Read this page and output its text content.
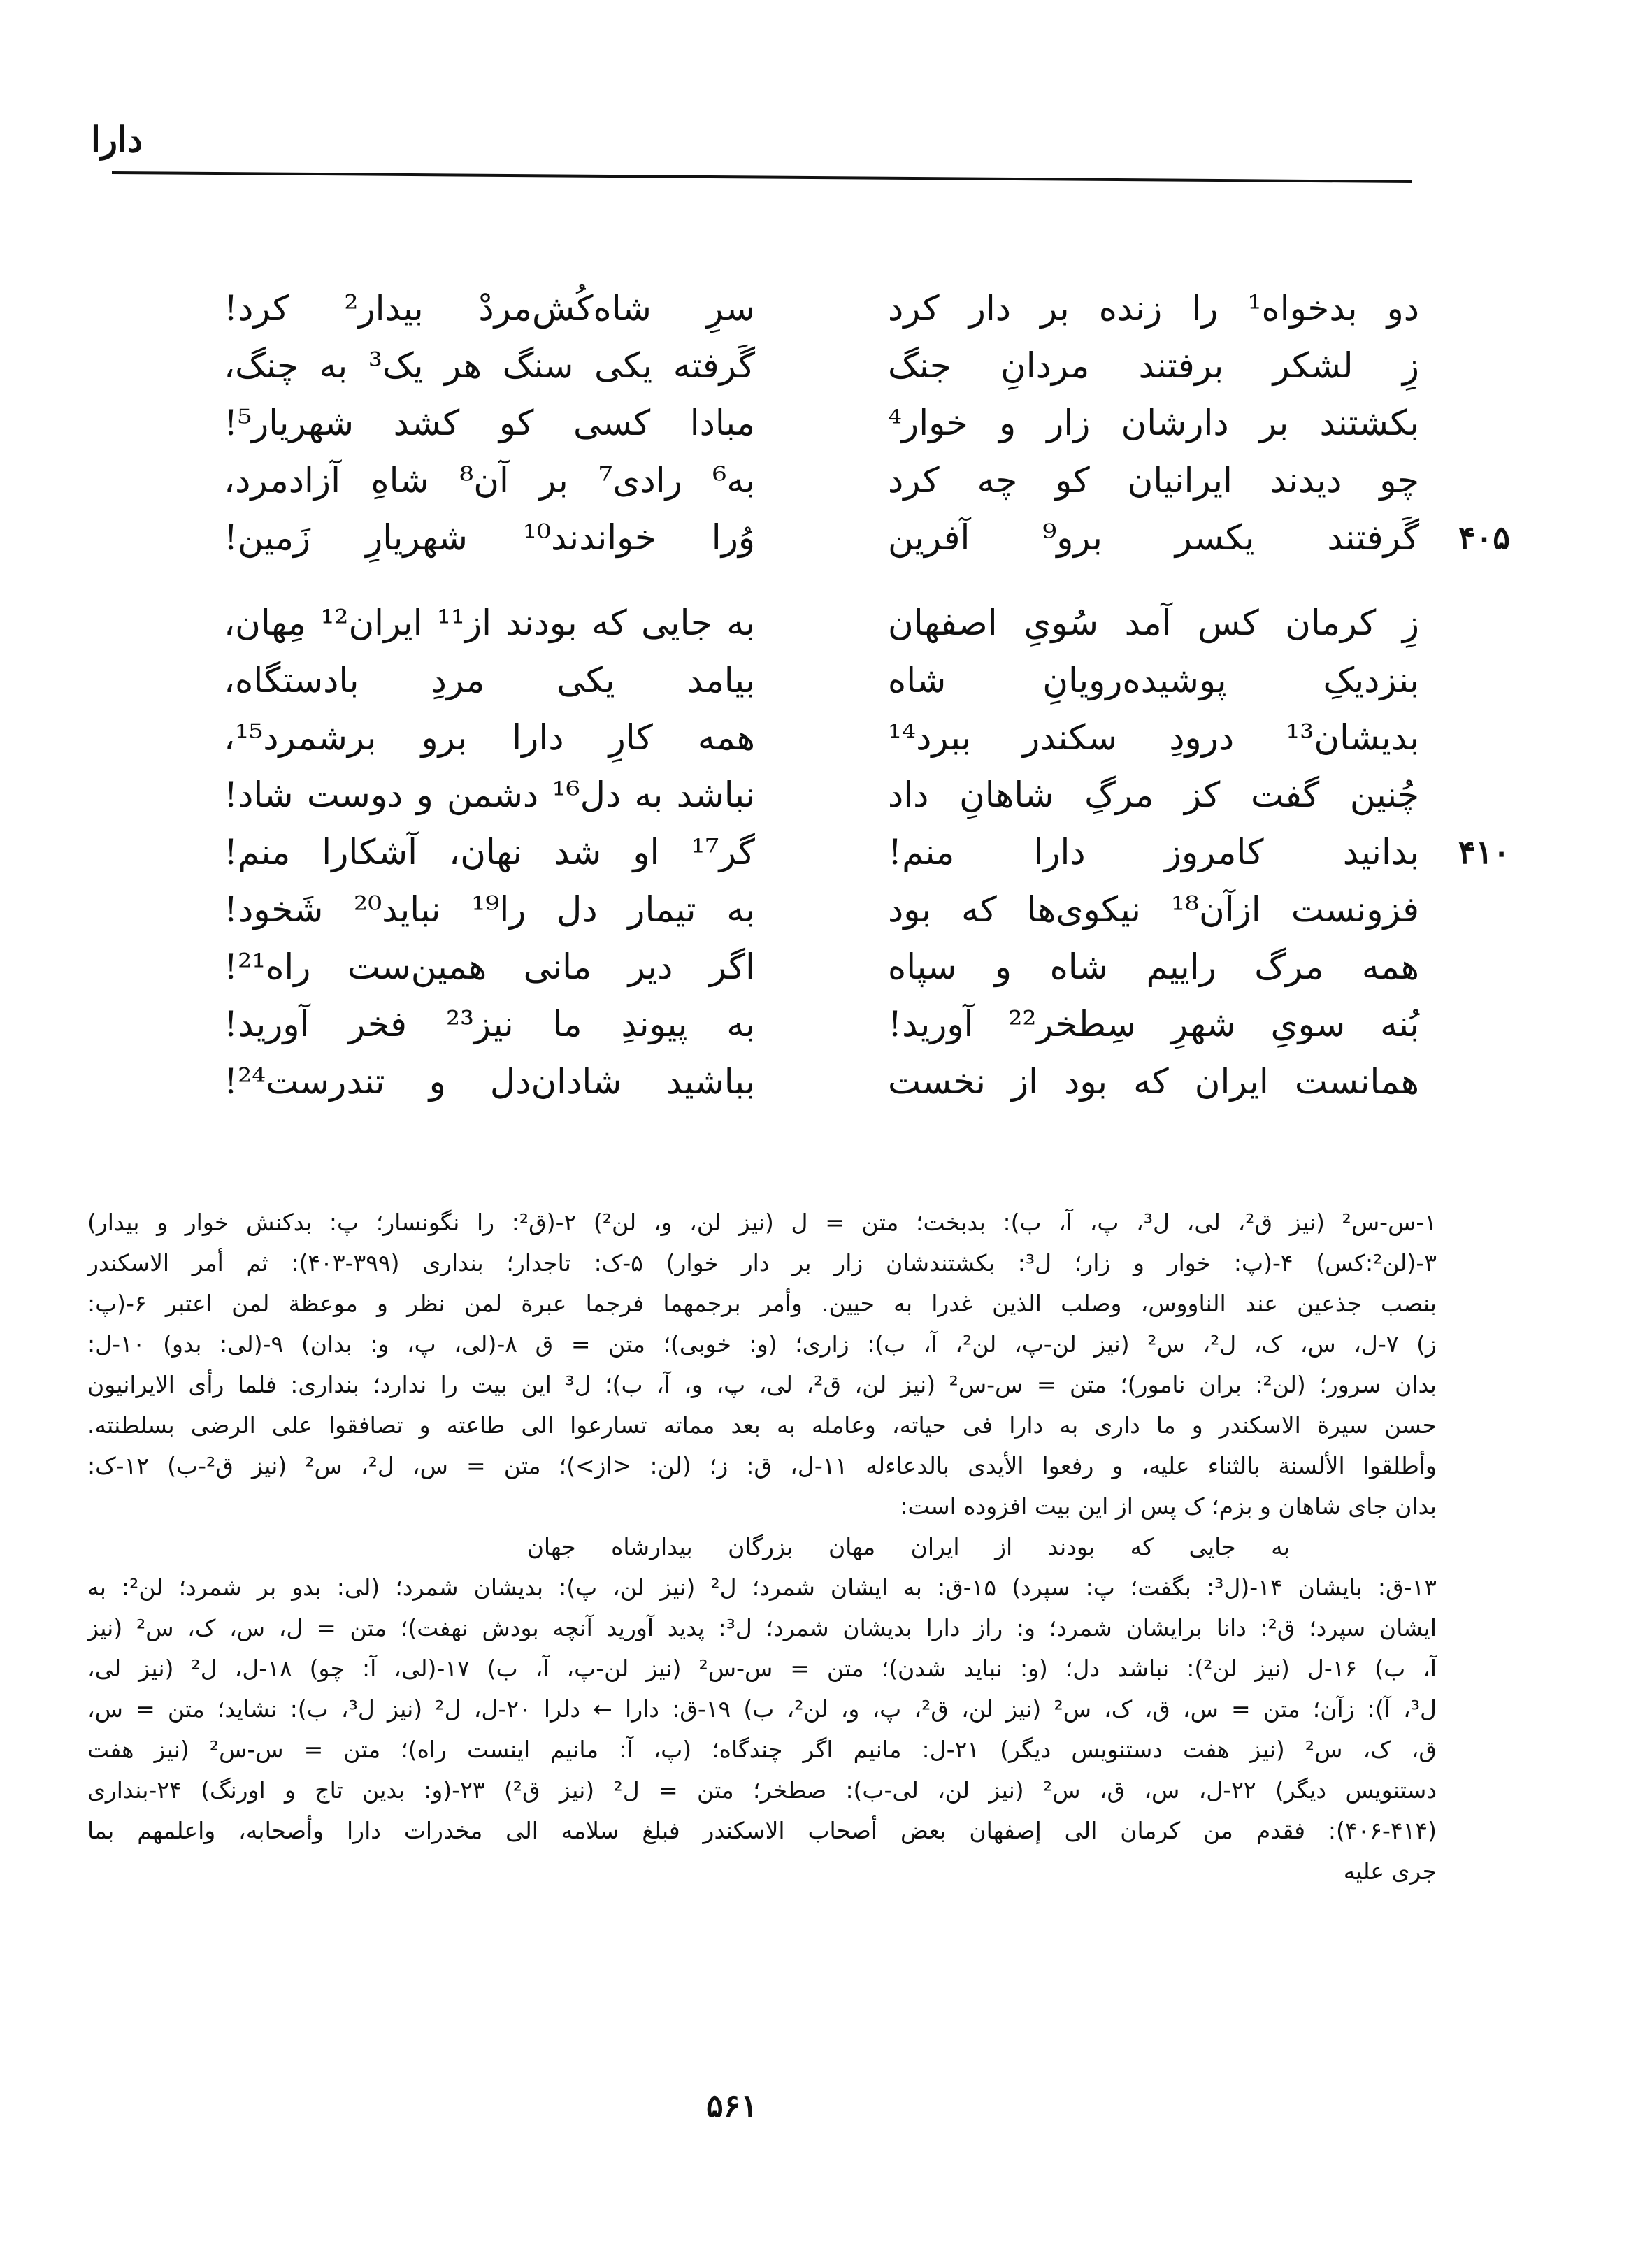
دارا
دو بدخواه¹ را زنده بر دار کرد
زِ لشکر برفتند مردانِ جنگ
بکشتند بر دارشان زار و خوار⁴
چو دیدند ایرانیان کو چه کرد
۴۰۵
گَرفتند یکسر برو⁹ آفرین
سرِ شاه‌کُش‌مردْ بیدار² کرد!
گَرفته یکی سنگ هر یک³ به چنگ،
مبادا کسی کو کشد شهریار⁵!
به⁶ رادی⁷ بر آن⁸ شاهِ آزادمرد،
وُرا خواندند¹⁰ شهریارِ زَمین!
زِ کرمان کس آمد سُویِ اصفهان
بنزدیکِ پوشیده‌رویانِ شاه
بدیشان¹³ درودِ سکندر ببرد¹⁴
چُنین گفت کز مرگِ شاهانِ داد
۴۱۰
بدانید کامروز دارا منم!
فزونست ازآن¹⁸ نیکوی‌ها که بود
همه مرگ راییم شاه و سپاه
بُنه سویِ شهرِ سِطخر²² آورید!
همانست ایران که بود از نخست
به جایی که بودند از¹¹ ایران¹² مِهان،
بیامد یکی مردِ بادستگاه،
همه کارِ دارا برو برشمرد¹⁵،
نباشد به دل¹⁶ دشمن و دوست شاد!
گر¹⁷ او شد نهان، آشکارا منم!
به تیمار دل را¹⁹ نباید²⁰ شَخود!
اگر دیر مانی همین‌ست راه²¹!
به پیوندِ ما نیز²³ فخر آورید!
بباشید شادان‌دل و تندرست²⁴!
۱-س-س² (نیز ق²، لی، ل³، پ، آ، ب): بدبخت؛ متن = ل (نیز لن، و، لن²) ۲-(ق²: را نگونسار؛ پ: بدکنش خوار و بیدار)
۳-(لن²:کس) ۴-(پ: خوار و زار؛ ل³: بکشتندشان زار بر دار خوار) ۵-ک: تاجدار؛ بنداری (۳۹۹-۴۰۳): ثم أمر الاسکندر
بنصب جذعین عند الناووس، وصلب الذین غدرا به حیین. وأمر برجمهما فرجما عبرة لمن نظر و موعظة لمن اعتبر ۶-(پ:
ز) ۷-ل، س، ک، ل²، س² (نیز لن-پ، لن²، آ، ب): زاری؛ (و: خوبی)؛ متن = ق ۸-(لی، پ، و: بدان) ۹-(لی: بدو) ۱۰-ل:
بدان سرور؛ (لن²: بران نامور)؛ متن = س-س² (نیز لن، ق²، لی، پ، و، آ، ب)؛ ل³ این بیت را ندارد؛ بنداری: فلما رأی الایرانیون
حسن سیرة الاسکندر و ما داری به دارا فی حیاته، وعامله به بعد مماته تسارعوا الی طاعته و تصافقوا علی الرضی بسلطنته.
وأطلقوا الألسنة بالثناء علیه، و رفعوا الأیدی بالدعاءله ۱۱-ل، ق: ز؛ (لن: <از>)؛ متن = س، ل²، س² (نیز ق²-ب) ۱۲-ک:
بدان جای شاهان و بزم؛ ک پس از این بیت افزوده است:
به جایی که بودند از ایران مهان بزرگان بیدارشاه جهان
۱۳-ق: بایشان ۱۴-(ل³: بگفت؛ پ: سپرد) ۱۵-ق: به ایشان شمرد؛ ل² (نیز لن، پ): بدیشان شمرد؛ (لی: بدو بر شمرد؛ لن²: به
ایشان سپرد؛ ق²: دانا برایشان شمرد؛ و: راز دارا بدیشان شمرد؛ ل³: پدید آورید آنچه بودش نهفت)؛ متن = ل، س، ک، س² (نیز
آ، ب) ۱۶-ل (نیز لن²): نباشد دل؛ (و: نباید شدن)؛ متن = س-س² (نیز لن-پ، آ، ب) ۱۷-(لی، آ: چو) ۱۸-ل، ل² (نیز لی،
ل³، آ): زآن؛ متن = س، ق، ک، س² (نیز لن، ق²، پ، و، لن²، ب) ۱۹-ق: دارا ← دلرا ۲۰-ل، ل² (نیز ل³، ب): نشاید؛ متن = س،
ق، ک، س² (نیز هفت دستنویس دیگر) ۲۱-ل: مانیم اگر چندگاه؛ (پ، آ: مانیم اینست راه)؛ متن = س-س² (نیز هفت
دستنویس دیگر) ۲۲-ل، س، ق، س² (نیز لن، لی-ب): صطخر؛ متن = ل² (نیز ق²) ۲۳-(و: بدین تاج و اورنگ) ۲۴-بنداری
(۴۰۶-۴۱۴): فقدم من کرمان الی إصفهان بعض أصحاب الاسکندر فبلغ سلامه الی مخدرات دارا وأصحابه، واعلمهم بما
جری علیه
۵۶۱
